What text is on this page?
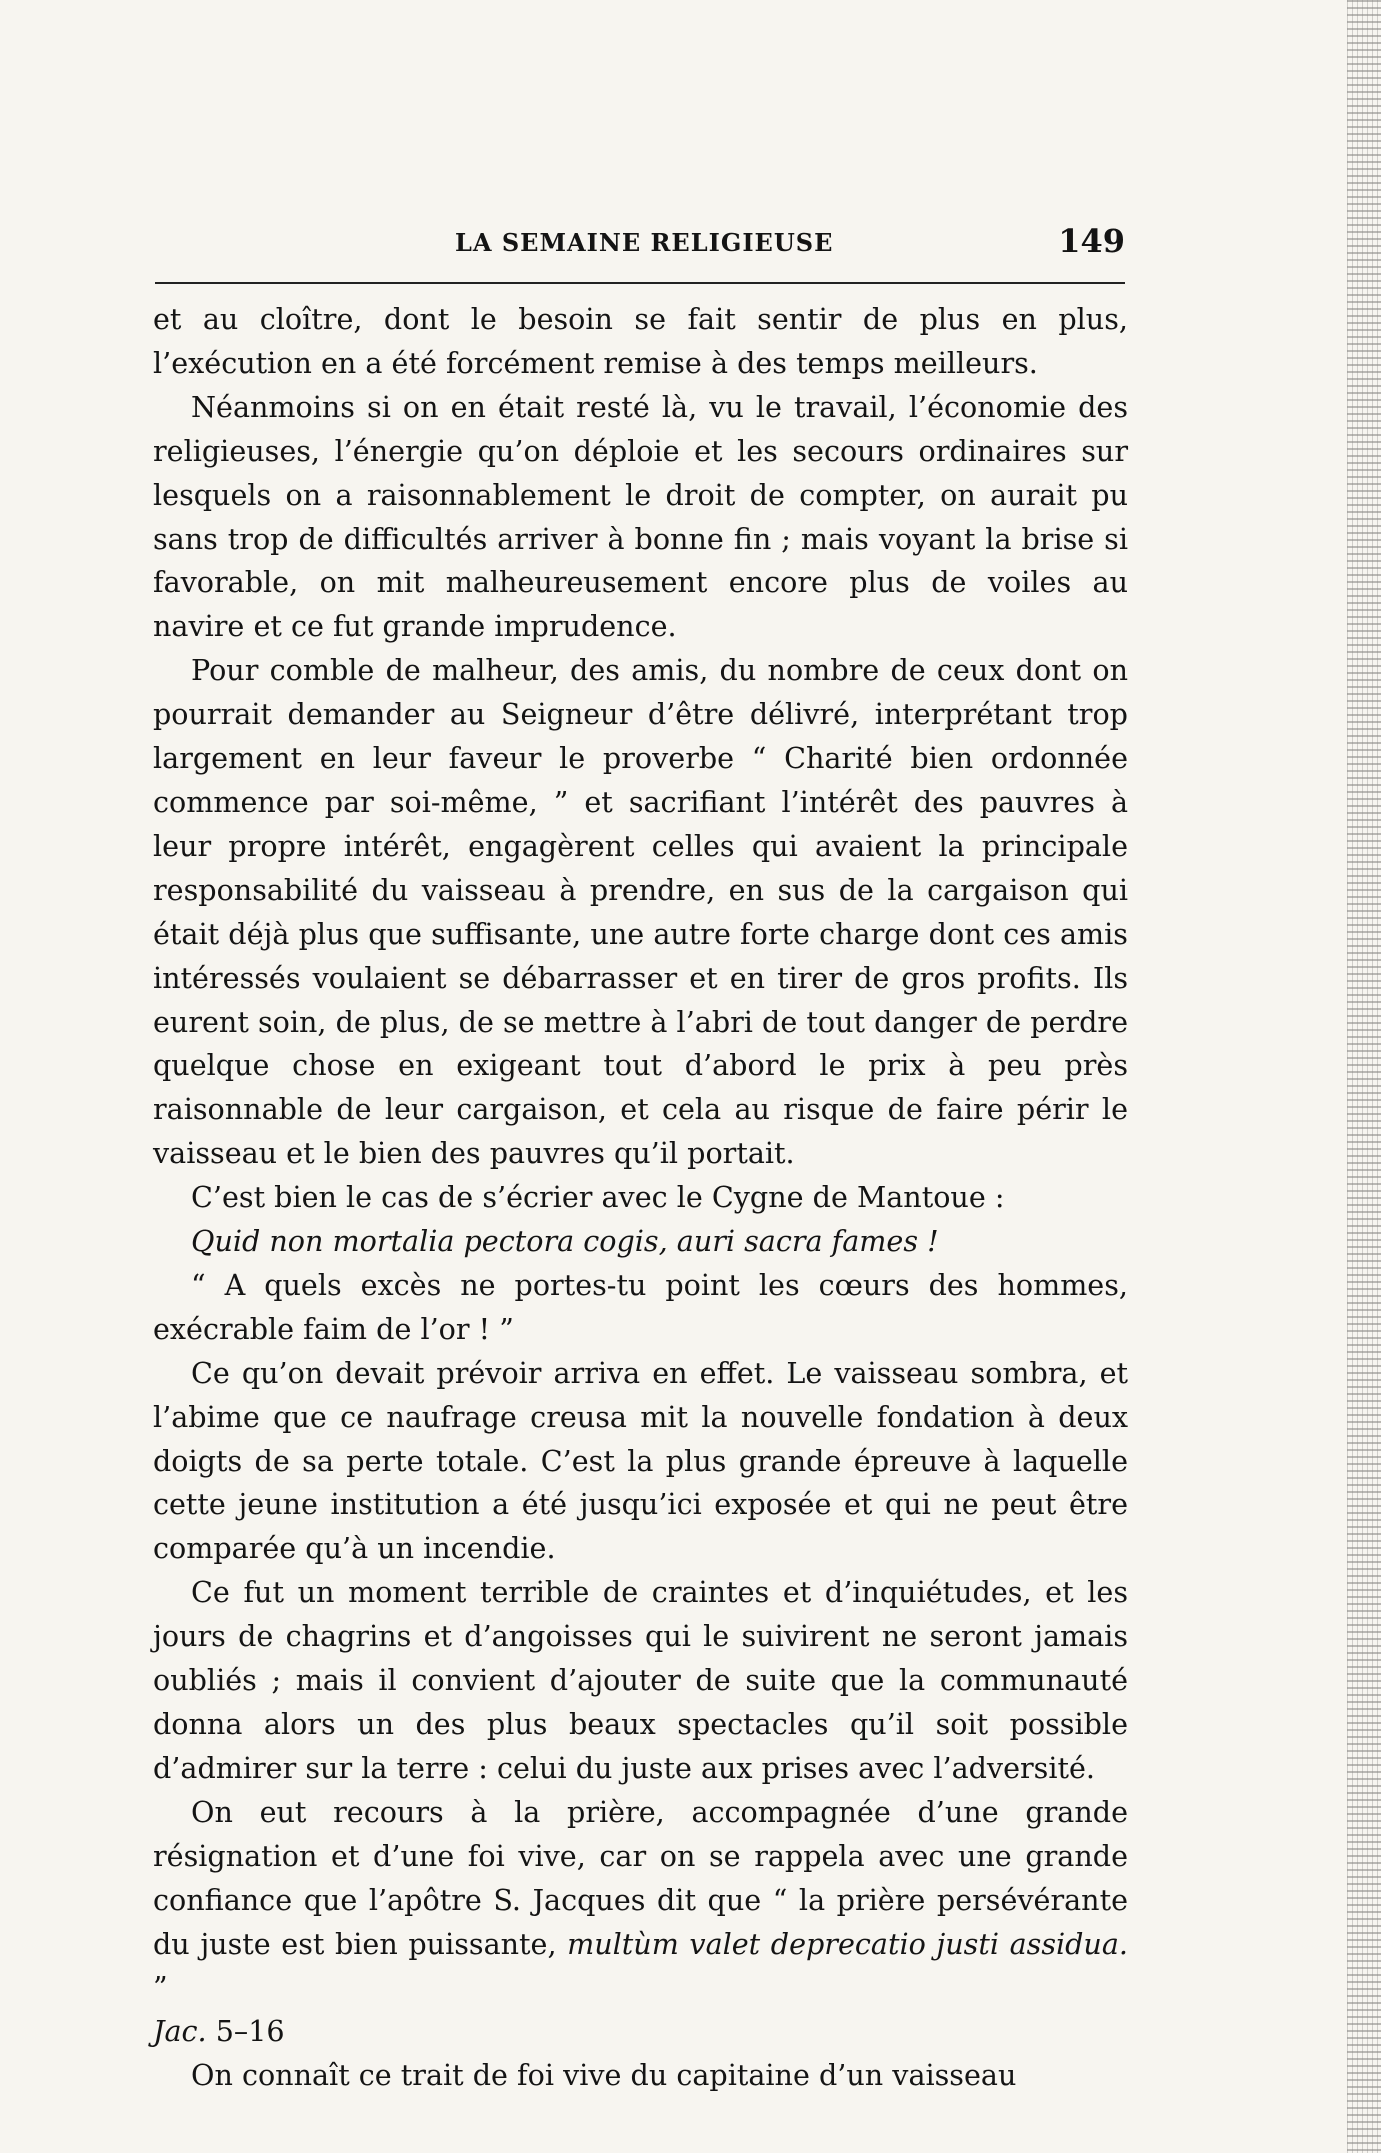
LA SEMAINE RELIGIEUSE	149

et au cloître, dont le besoin se fait sentir de plus en plus, l’exécution en a été forcément remise à des temps meilleurs.

Néanmoins si on en était resté là, vu le travail, l’économie des religieuses, l’énergie qu’on déploie et les secours ordinaires sur lesquels on a raisonnablement le droit de compter, on aurait pu sans trop de difficultés arriver à bonne fin ; mais voyant la brise si favorable, on mit malheureusement encore plus de voiles au navire et ce fut grande imprudence.

Pour comble de malheur, des amis, du nombre de ceux dont on pourrait demander au Seigneur d’être délivré, interprétant trop largement en leur faveur le proverbe “ Charité bien ordonnée commence par soi-même, ” et sacrifiant l’intérêt des pauvres à leur propre intérêt, engagèrent celles qui avaient la principale responsabilité du vaisseau à prendre, en sus de la cargaison qui était déjà plus que suffisante, une autre forte charge dont ces amis intéressés voulaient se débarrasser et en tirer de gros profits. Ils eurent soin, de plus, de se mettre à l’abri de tout danger de perdre quelque chose en exigeant tout d’abord le prix à peu près raisonnable de leur cargaison, et cela au risque de faire périr le vaisseau et le bien des pauvres qu’il portait.

C’est bien le cas de s’écrier avec le Cygne de Mantoue :

Quid non mortalia pectora cogis, auri sacra fames !

“ A quels excès ne portes-tu point les cœurs des hommes, exécrable faim de l’or ! ”

Ce qu’on devait prévoir arriva en effet. Le vaisseau sombra, et l’abime que ce naufrage creusa mit la nouvelle fondation à deux doigts de sa perte totale. C’est la plus grande épreuve à laquelle cette jeune institution a été jusqu’ici exposée et qui ne peut être comparée qu’à un incendie.

Ce fut un moment terrible de craintes et d’inquiétudes, et les jours de chagrins et d’angoisses qui le suivirent ne seront jamais oubliés ; mais il convient d’ajouter de suite que la communauté donna alors un des plus beaux spectacles qu’il soit possible d’admirer sur la terre : celui du juste aux prises avec l’adversité.

On eut recours à la prière, accompagnée d’une grande résignation et d’une foi vive, car on se rappela avec une grande confiance que l’apôtre S. Jacques dit que “ la prière persévérante du juste est bien puissante, multùm valet deprecatio justi assidua. ”
Jac. 5–16

On connaît ce trait de foi vive du capitaine d’un vaisseau
